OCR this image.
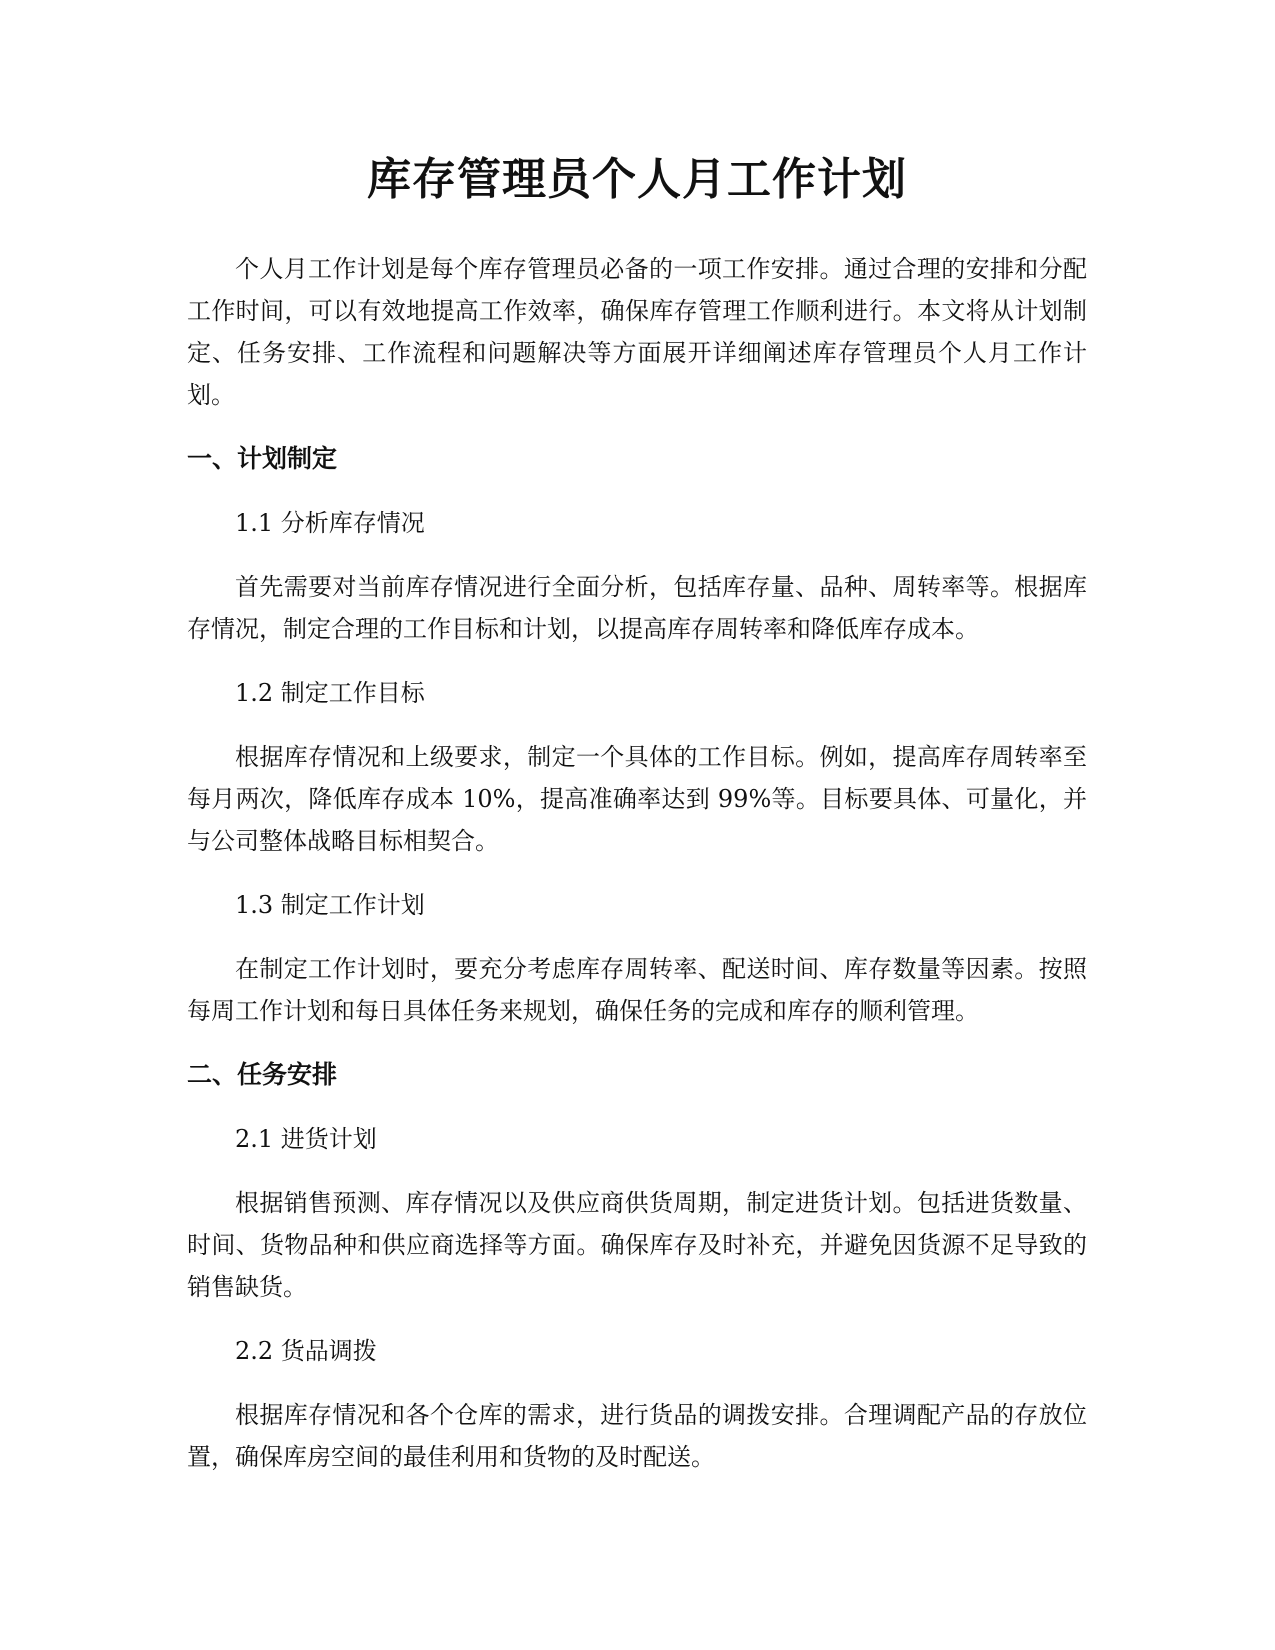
库存管理员个人月工作计划

个人月工作计划是每个库存管理员必备的一项工作安排。通过合理的安排和分配工作时间，可以有效地提高工作效率，确保库存管理工作顺利进行。本文将从计划制定、任务安排、工作流程和问题解决等方面展开详细阐述库存管理员个人月工作计划。

一、计划制定

1.1 分析库存情况

首先需要对当前库存情况进行全面分析，包括库存量、品种、周转率等。根据库存情况，制定合理的工作目标和计划，以提高库存周转率和降低库存成本。

1.2 制定工作目标

根据库存情况和上级要求，制定一个具体的工作目标。例如，提高库存周转率至每月两次，降低库存成本 10%，提高准确率达到 99%等。目标要具体、可量化，并与公司整体战略目标相契合。

1.3 制定工作计划

在制定工作计划时，要充分考虑库存周转率、配送时间、库存数量等因素。按照每周工作计划和每日具体任务来规划，确保任务的完成和库存的顺利管理。

二、任务安排

2.1 进货计划

根据销售预测、库存情况以及供应商供货周期，制定进货计划。包括进货数量、时间、货物品种和供应商选择等方面。确保库存及时补充，并避免因货源不足导致的销售缺货。

2.2 货品调拨

根据库存情况和各个仓库的需求，进行货品的调拨安排。合理调配产品的存放位置，确保库房空间的最佳利用和货物的及时配送。
